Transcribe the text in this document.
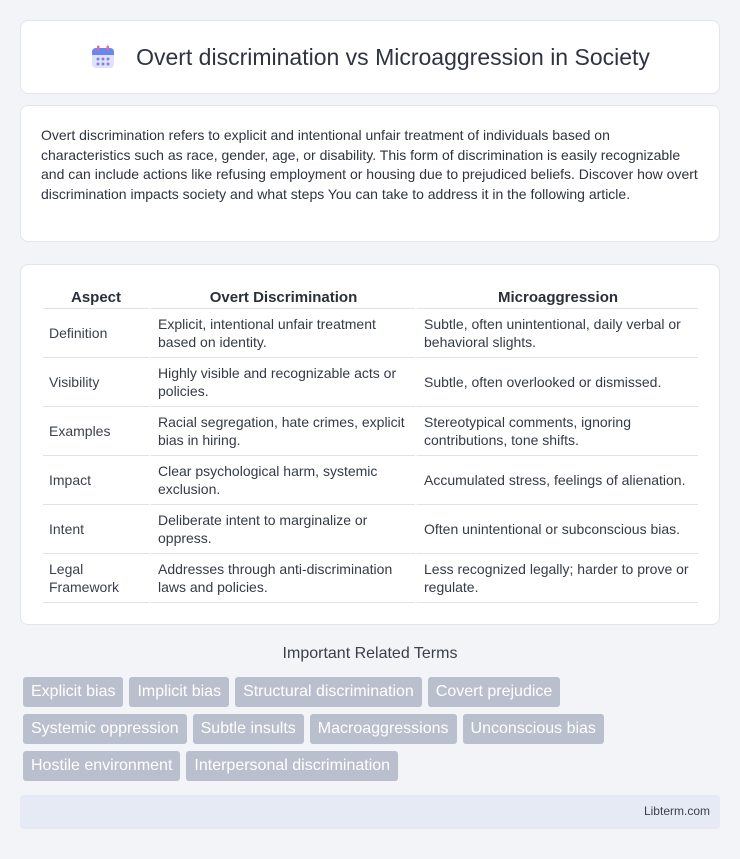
Overt discrimination vs Microaggression in Society

Overt discrimination refers to explicit and intentional unfair treatment of individuals based on characteristics such as race, gender, age, or disability. This form of discrimination is easily recognizable and can include actions like refusing employment or housing due to prejudiced beliefs. Discover how overt discrimination impacts society and what steps You can take to address it in the following article.

Aspect	Overt Discrimination	Microaggression
Definition	Explicit, intentional unfair treatment based on identity.	Subtle, often unintentional, daily verbal or behavioral slights.
Visibility	Highly visible and recognizable acts or policies.	Subtle, often overlooked or dismissed.
Examples	Racial segregation, hate crimes, explicit bias in hiring.	Stereotypical comments, ignoring contributions, tone shifts.
Impact	Clear psychological harm, systemic exclusion.	Accumulated stress, feelings of alienation.
Intent	Deliberate intent to marginalize or oppress.	Often unintentional or subconscious bias.
Legal Framework	Addresses through anti-discrimination laws and policies.	Less recognized legally; harder to prove or regulate.
Important Related Terms
Explicit bias	Implicit bias	Structural discrimination	Covert prejudice
Systemic oppression	Subtle insults	Macroaggressions	Unconscious bias
Hostile environment	Interpersonal discrimination
Libterm.com
